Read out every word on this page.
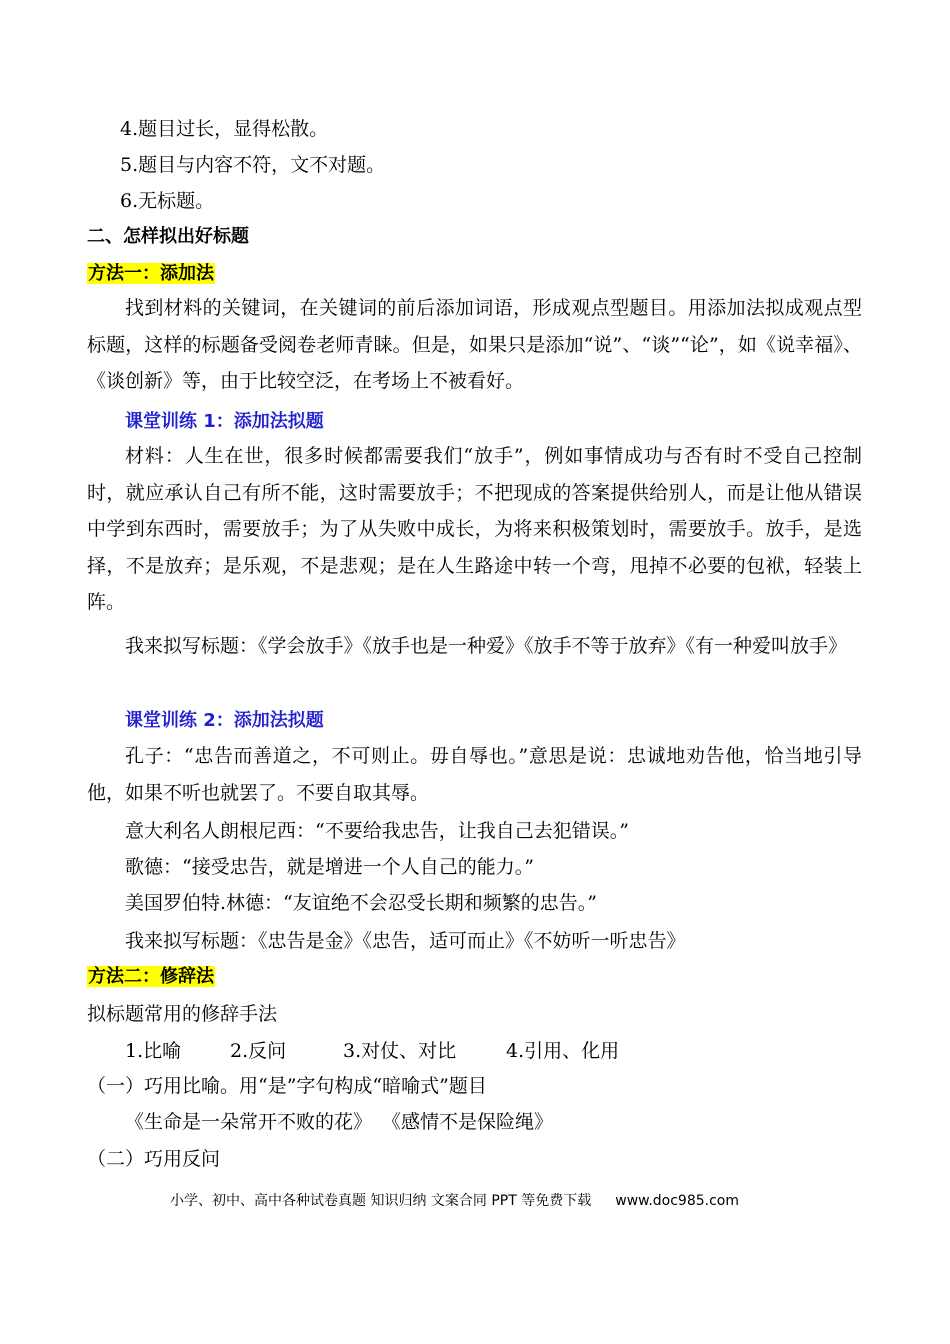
4.题目过长，显得松散。
5.题目与内容不符，文不对题。
6.无标题。
二、怎样拟出好标题
方法一：添加法
找到材料的关键词，在关键词的前后添加词语，形成观点型题目。用添加法拟成观点型标题，这样的标题备受阅卷老师青睐。但是，如果只是添加“说”、“谈”“论”，如《说幸福》、《谈创新》等，由于比较空泛，在考场上不被看好。
课堂训练 1：添加法拟题
材料：人生在世，很多时候都需要我们“放手”，例如事情成功与否有时不受自己控制时，就应承认自己有所不能，这时需要放手；不把现成的答案提供给别人，而是让他从错误中学到东西时，需要放手；为了从失败中成长，为将来积极策划时，需要放手。放手，是选择，不是放弃；是乐观，不是悲观；是在人生路途中转一个弯，甩掉不必要的包袱，轻装上阵。
我来拟写标题：《学会放手》《放手也是一种爱》《放手不等于放弃》《有一种爱叫放手》
课堂训练 2：添加法拟题
孔子：“忠告而善道之，不可则止。毋自辱也。”意思是说：忠诚地劝告他，恰当地引导他，如果不听也就罢了。不要自取其辱。
意大利名人朗根尼西：“不要给我忠告，让我自己去犯错误。”
歌德：“接受忠告，就是增进一个人自己的能力。”
美国罗伯特.林德：“友谊绝不会忍受长期和频繁的忠告。”
我来拟写标题：《忠告是金》《忠告，适可而止》《不妨听一听忠告》
方法二：修辞法
拟标题常用的修辞手法
1.比喻	2.反问	3.对仗、对比	4.引用、化用
（一）巧用比喻。用“是”字句构成“暗喻式”题目
《生命是一朵常开不败的花》 《感情不是保险绳》
（二）巧用反问
小学、初中、高中各种试卷真题 知识归纳 文案合同 PPT 等免费下载 www.doc985.com
